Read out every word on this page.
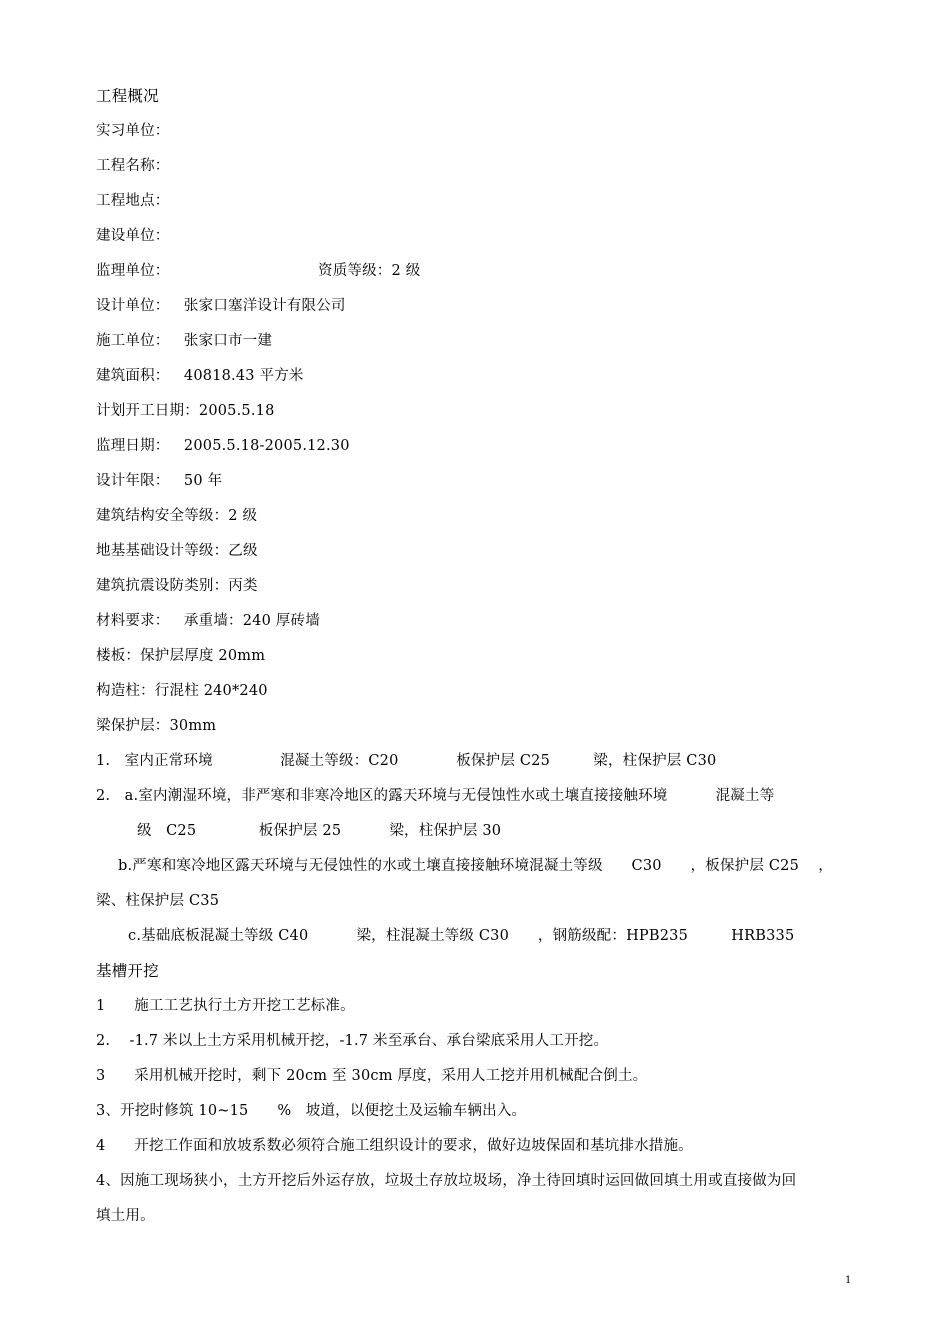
工程概况
实习单位：
工程名称：
工程地点：
建设单位：
监理单位：	资质等级：2 级
设计单位：   张家口塞洋设计有限公司
施工单位：   张家口市一建
建筑面积：   40818.43 平方米
计划开工日期：2005.5.18
监理日期：   2005.5.18-2005.12.30
设计年限：   50 年
建筑结构安全等级：2 级
地基基础设计等级：乙级
建筑抗震设防类别：丙类
材料要求：   承重墙：240 厚砖墙
楼板：保护层厚度 20mm
构造柱：行混柱 240*240
梁保护层：30mm
1.   室内正常环境              混凝土等级：C20            板保护层 C25         梁，柱保护层 C30
2.   a.室内潮湿环境，非严寒和非寒冷地区的露天环境与无侵蚀性水或土壤直接接触环境          混凝土等
级   C25             板保护层 25          梁，柱保护层 30
b.严寒和寒冷地区露天环境与无侵蚀性的水或土壤直接接触环境混凝土等级      C30      ，板保护层 C25    ，
梁、柱保护层 C35
c.基础底板混凝土等级 C40          梁，柱混凝土等级 C30      ，钢筋级配：HPB235         HRB335
基槽开挖
1      施工工艺执行土方开挖工艺标准。
2.    -1.7 米以上土方采用机械开挖，-1.7 米至承台、承台梁底采用人工开挖。
3      采用机械开挖时，剩下 20cm 至 30cm 厚度，采用人工挖并用机械配合倒土。
3、开挖时修筑 10~15      %   坡道，以便挖土及运输车辆出入。
4      开挖工作面和放坡系数必须符合施工组织设计的要求，做好边坡保固和基坑排水措施。
4、因施工现场狭小，土方开挖后外运存放，垃圾土存放垃圾场，净土待回填时运回做回填土用或直接做为回
填土用。
1
